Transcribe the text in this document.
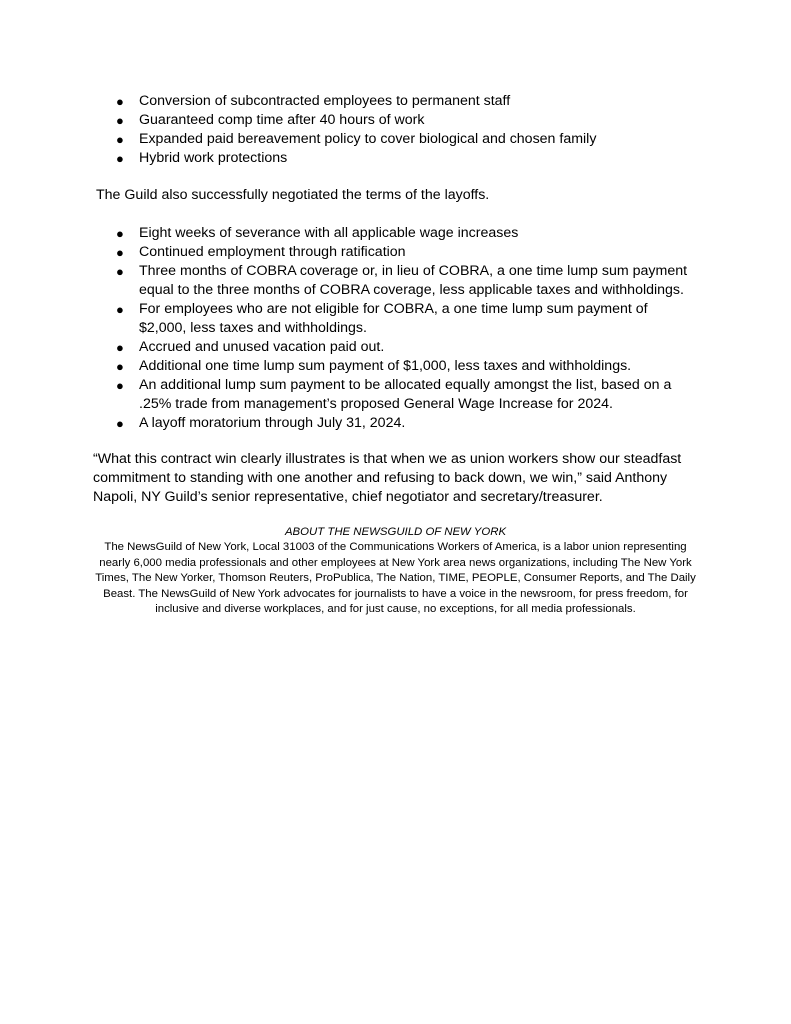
● Conversion of subcontracted employees to permanent staff
● Guaranteed comp time after 40 hours of work
● Expanded paid bereavement policy to cover biological and chosen family
● Hybrid work protections

The Guild also successfully negotiated the terms of the layoffs.

● Eight weeks of severance with all applicable wage increases
● Continued employment through ratification
● Three months of COBRA coverage or, in lieu of COBRA, a one time lump sum payment equal to the three months of COBRA coverage, less applicable taxes and withholdings.
● For employees who are not eligible for COBRA, a one time lump sum payment of $2,000, less taxes and withholdings.
● Accrued and unused vacation paid out.
● Additional one time lump sum payment of $1,000, less taxes and withholdings.
● An additional lump sum payment to be allocated equally amongst the list, based on a .25% trade from management’s proposed General Wage Increase for 2024.
● A layoff moratorium through July 31, 2024.

“What this contract win clearly illustrates is that when we as union workers show our steadfast commitment to standing with one another and refusing to back down, we win,” said Anthony Napoli, NY Guild’s senior representative, chief negotiator and secretary/treasurer.

ABOUT THE NEWSGUILD OF NEW YORK

The NewsGuild of New York, Local 31003 of the Communications Workers of America, is a labor union representing nearly 6,000 media professionals and other employees at New York area news organizations, including The New York Times, The New Yorker, Thomson Reuters, ProPublica, The Nation, TIME, PEOPLE, Consumer Reports, and The Daily Beast. The NewsGuild of New York advocates for journalists to have a voice in the newsroom, for press freedom, for inclusive and diverse workplaces, and for just cause, no exceptions, for all media professionals.
